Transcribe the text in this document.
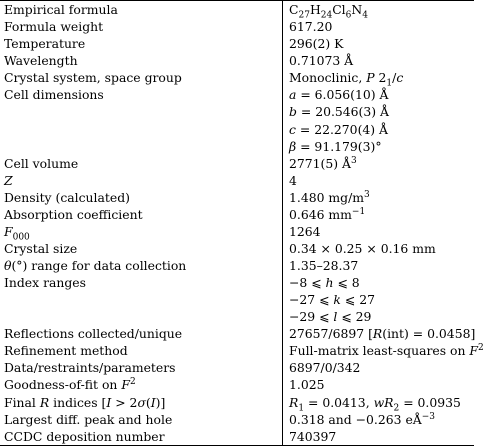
Empirical formula	$C_{27}H_{24}Cl_6N_4$
Formula weight	617.20
Temperature	296(2) K
Wavelength	0.71073 Å
Crystal system, space group	Monoclinic, P $2_1/c$
Cell dimensions	a = 6.056(10) Å
	b = 20.546(3) Å
	c = 22.270(4) Å
	β = 91.179(3)°
Cell volume	2771(5) $Å^3$
Z	4
Density (calculated)	1.480 $mg/m^3$
Absorption coefficient	0.646 $mm^{-1}$
$F_{000}$	1264
Crystal size	0.34 × 0.25 × 0.16 mm
θ(°) range for data collection	1.35–28.37
Index ranges	−8 ⩽ h ⩽ 8
	−27 ⩽ k ⩽ 27
	−29 ⩽ l ⩽ 29
Reflections collected/unique	27657/6897 [R(int) = 0.0458]
Refinement method	Full-matrix least-squares on $F^2$
Data/restraints/parameters	6897/0/342
Goodness-of-fit on $F^2$	1.025
Final R indices [I > 2σ(I)]	$R_1 = 0.0413$, $wR_2 = 0.0935$
Largest diff. peak and hole	0.318 and −0.263 $eÅ^{-3}$
CCDC deposition number	740397
